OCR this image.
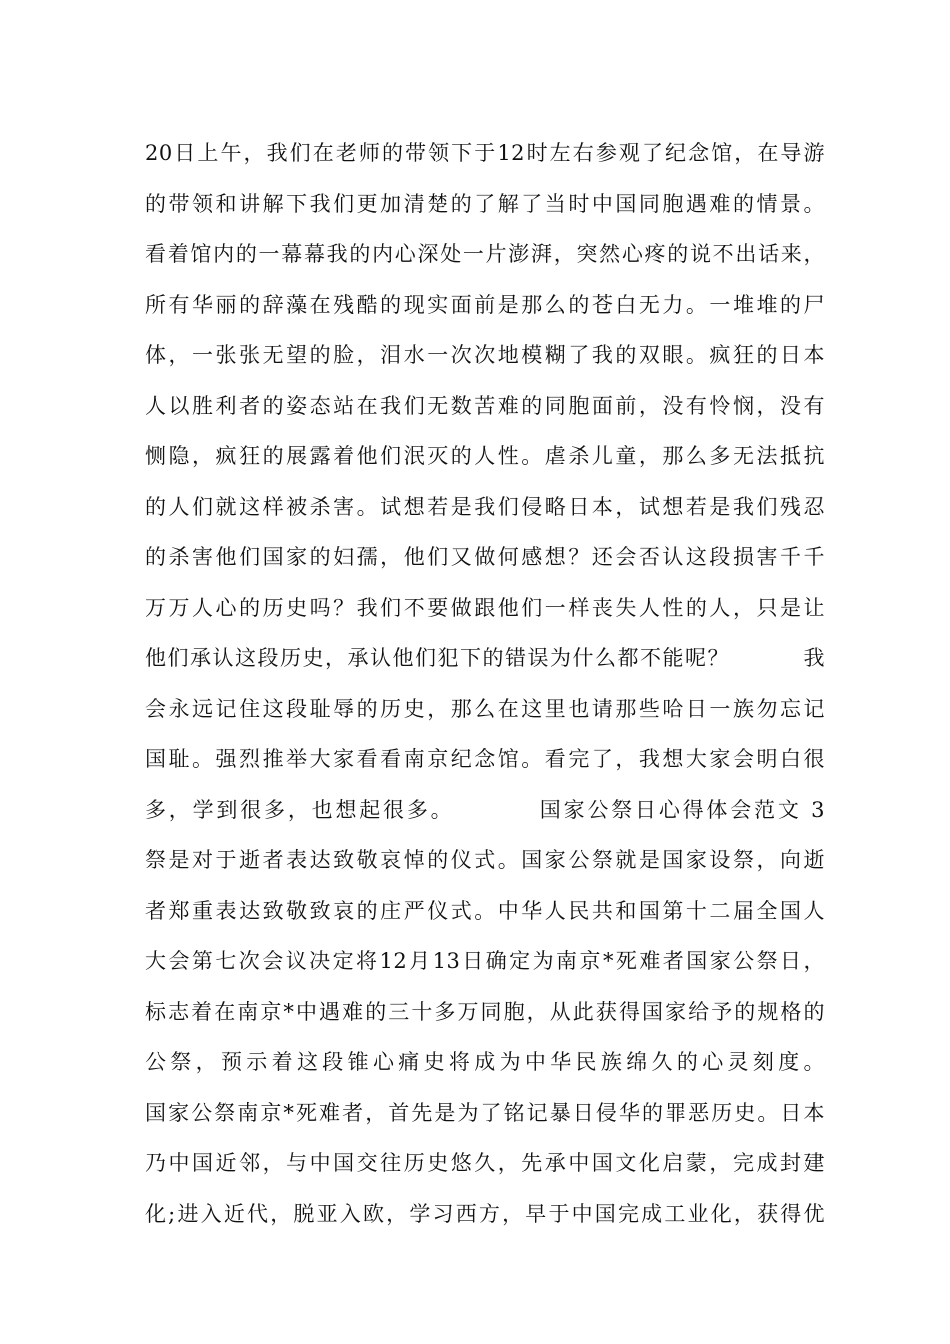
20日上午，我们在老师的带领下于12时左右参观了纪念馆，在导游
的带领和讲解下我们更加清楚的了解了当时中国同胞遇难的情景。
看着馆内的一幕幕我的内心深处一片澎湃，突然心疼的说不出话来，
所有华丽的辞藻在残酷的现实面前是那么的苍白无力。一堆堆的尸
体，一张张无望的脸，泪水一次次地模糊了我的双眼。疯狂的日本
人以胜利者的姿态站在我们无数苦难的同胞面前，没有怜悯，没有
恻隐，疯狂的展露着他们泯灭的人性。虐杀儿童，那么多无法抵抗
的人们就这样被杀害。试想若是我们侵略日本，试想若是我们残忍
的杀害他们国家的妇孺，他们又做何感想？还会否认这段损害千千
万万人心的历史吗？我们不要做跟他们一样丧失人性的人，只是让
他们承认这段历史，承认他们犯下的错误为什么都不能呢？         我
会永远记住这段耻辱的历史，那么在这里也请那些哈日一族勿忘记
国耻。强烈推举大家看看南京纪念馆。看完了，我想大家会明白很
多，学到很多，也想起很多。         国家公祭日心得体会范文 3
祭是对于逝者表达致敬哀悼的仪式。国家公祭就是国家设祭，向逝
者郑重表达致敬致哀的庄严仪式。中华人民共和国第十二届全国人
大会第七次会议决定将12月13日确定为南京*死难者国家公祭日，
标志着在南京*中遇难的三十多万同胞，从此获得国家给予的规格的
公祭，预示着这段锥心痛史将成为中华民族绵久的心灵刻度。
国家公祭南京*死难者，首先是为了铭记暴日侵华的罪恶历史。日本
乃中国近邻，与中国交往历史悠久，先承中国文化启蒙，完成封建
化;进入近代，脱亚入欧，学习西方，早于中国完成工业化，获得优
